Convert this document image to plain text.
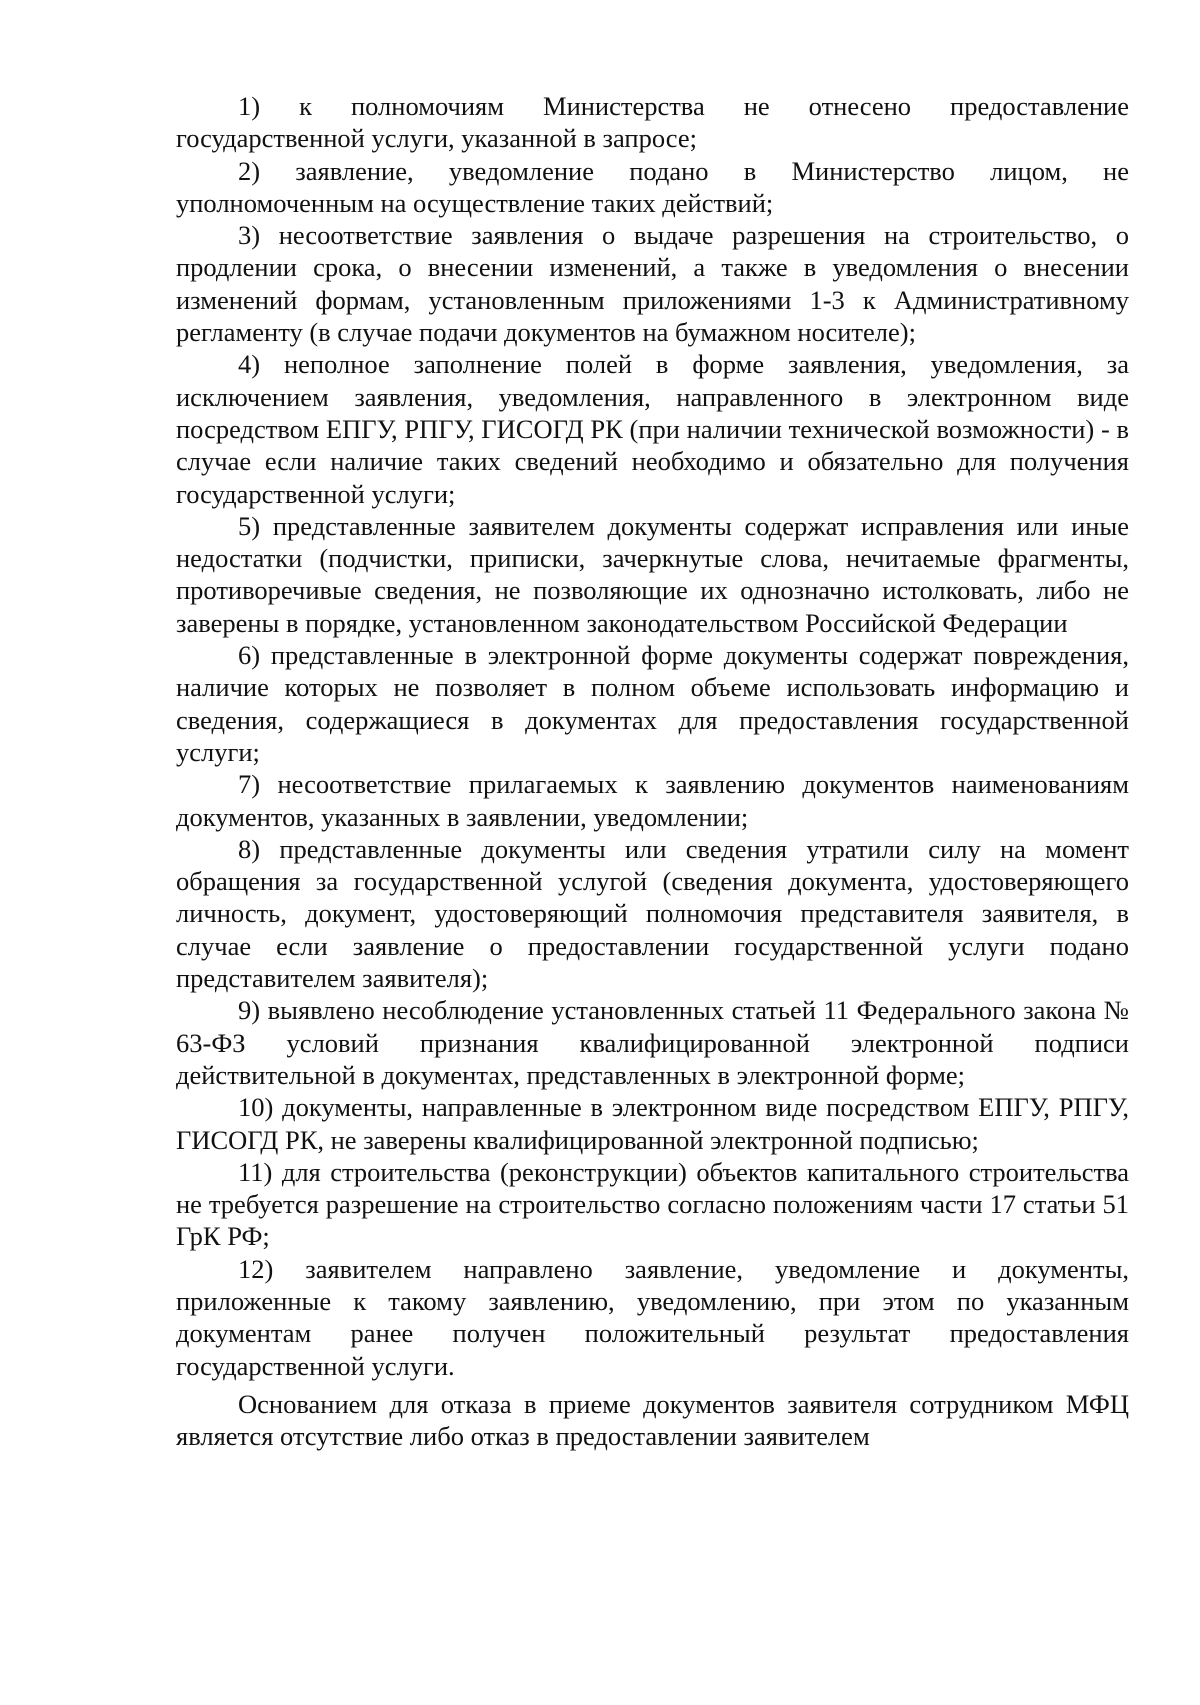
1) к полномочиям Министерства не отнесено предоставление государственной услуги, указанной в запросе;

2) заявление, уведомление подано в Министерство лицом, не уполномоченным на осуществление таких действий;

3) несоответствие заявления о выдаче разрешения на строительство, о продлении срока, о внесении изменений, а также в уведомления о внесении изменений формам, установленным приложениями 1-3 к Административному регламенту (в случае подачи документов на бумажном носителе);

4) неполное заполнение полей в форме заявления, уведомления, за исключением заявления, уведомления, направленного в электронном виде посредством ЕПГУ, РПГУ, ГИСОГД РК (при наличии технической возможности) - в случае если наличие таких сведений необходимо и обязательно для получения государственной услуги;

5) представленные заявителем документы содержат исправления или иные недостатки (подчистки, приписки, зачеркнутые слова, нечитаемые фрагменты, противоречивые сведения, не позволяющие их однозначно истолковать, либо не заверены в порядке, установленном законодательством Российской Федерации

6) представленные в электронной форме документы содержат повреждения, наличие которых не позволяет в полном объеме использовать информацию и сведения, содержащиеся в документах для предоставления государственной услуги;

7) несоответствие прилагаемых к заявлению документов наименованиям документов, указанных в заявлении, уведомлении;

8) представленные документы или сведения утратили силу на момент обращения за государственной услугой (сведения документа, удостоверяющего личность, документ, удостоверяющий полномочия представителя заявителя, в случае если заявление о предоставлении государственной услуги подано представителем заявителя);

9) выявлено несоблюдение установленных статьей 11 Федерального закона № 63-ФЗ условий признания квалифицированной электронной подписи действительной в документах, представленных в электронной форме;

10) документы, направленные в электронном виде посредством ЕПГУ, РПГУ, ГИСОГД РК, не заверены квалифицированной электронной подписью;

11) для строительства (реконструкции) объектов капитального строительства не требуется разрешение на строительство согласно положениям части 17 статьи 51 ГрК РФ;

12) заявителем направлено заявление, уведомление и документы, приложенные к такому заявлению, уведомлению, при этом по указанным документам ранее получен положительный результат предоставления государственной услуги.

Основанием для отказа в приеме документов заявителя сотрудником МФЦ является отсутствие либо отказ в предоставлении заявителем
